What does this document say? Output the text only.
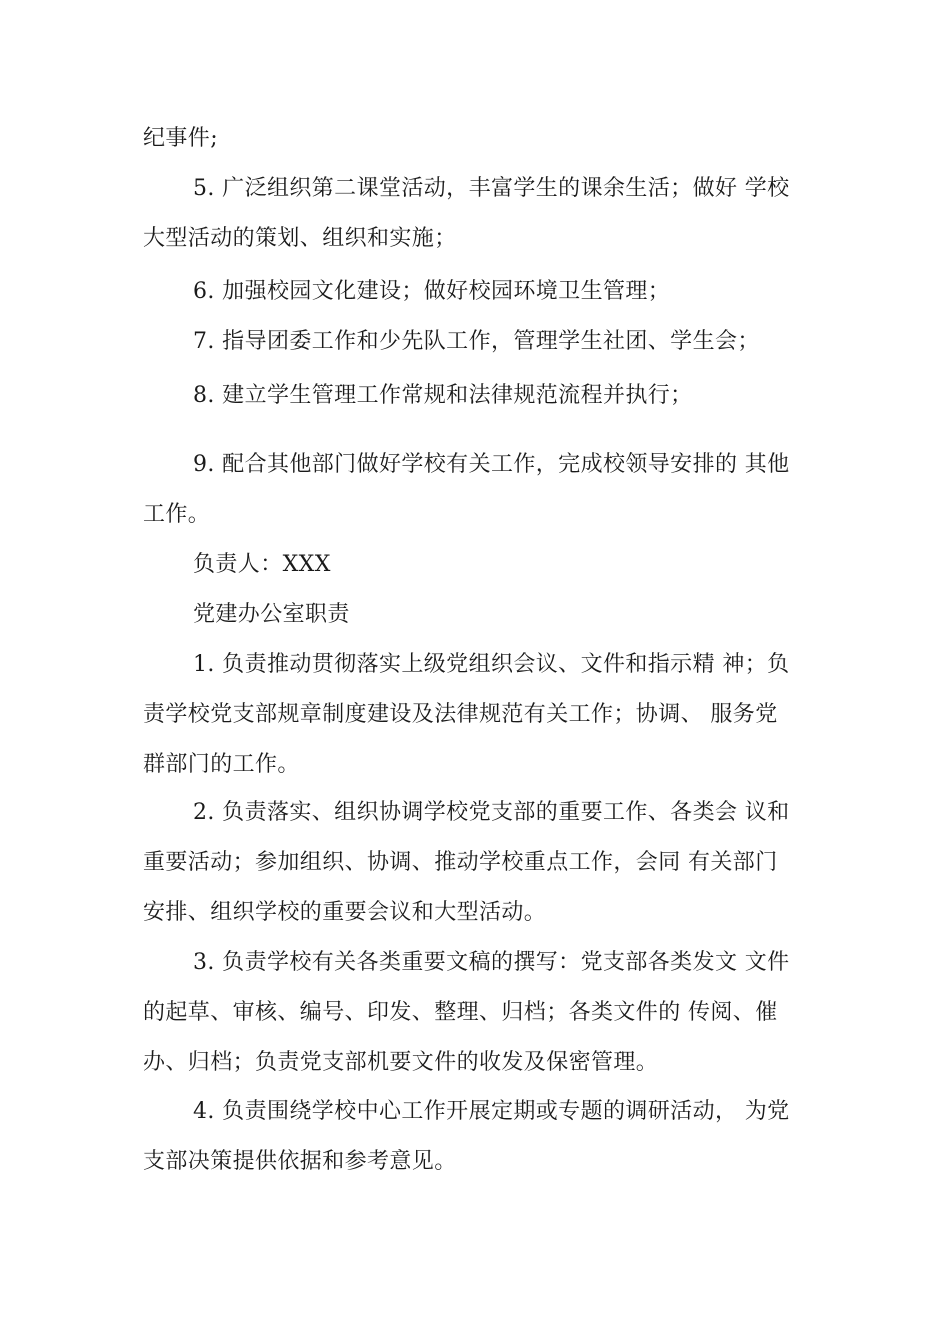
纪事件;
5. 广泛组织第二课堂活动，丰富学生的课余生活；做好 学校
大型活动的策划、组织和实施；
6. 加强校园文化建设；做好校园环境卫生管理；
7. 指导团委工作和少先队工作，管理学生社团、学生会；
8. 建立学生管理工作常规和法律规范流程并执行；
9. 配合其他部门做好学校有关工作，完成校领导安排的 其他
工作。
负责人：XXX
党建办公室职责
1. 负责推动贯彻落实上级党组织会议、文件和指示精 神；负
责学校党支部规章制度建设及法律规范有关工作；协调、 服务党
群部门的工作。
2. 负责落实、组织协调学校党支部的重要工作、各类会 议和
重要活动；参加组织、协调、推动学校重点工作，会同 有关部门
安排、组织学校的重要会议和大型活动。
3. 负责学校有关各类重要文稿的撰写：党支部各类发文 文件
的起草、审核、编号、印发、整理、归档；各类文件的 传阅、催
办、归档；负责党支部机要文件的收发及保密管理。
4. 负责围绕学校中心工作开展定期或专题的调研活动， 为党
支部决策提供依据和参考意见。
